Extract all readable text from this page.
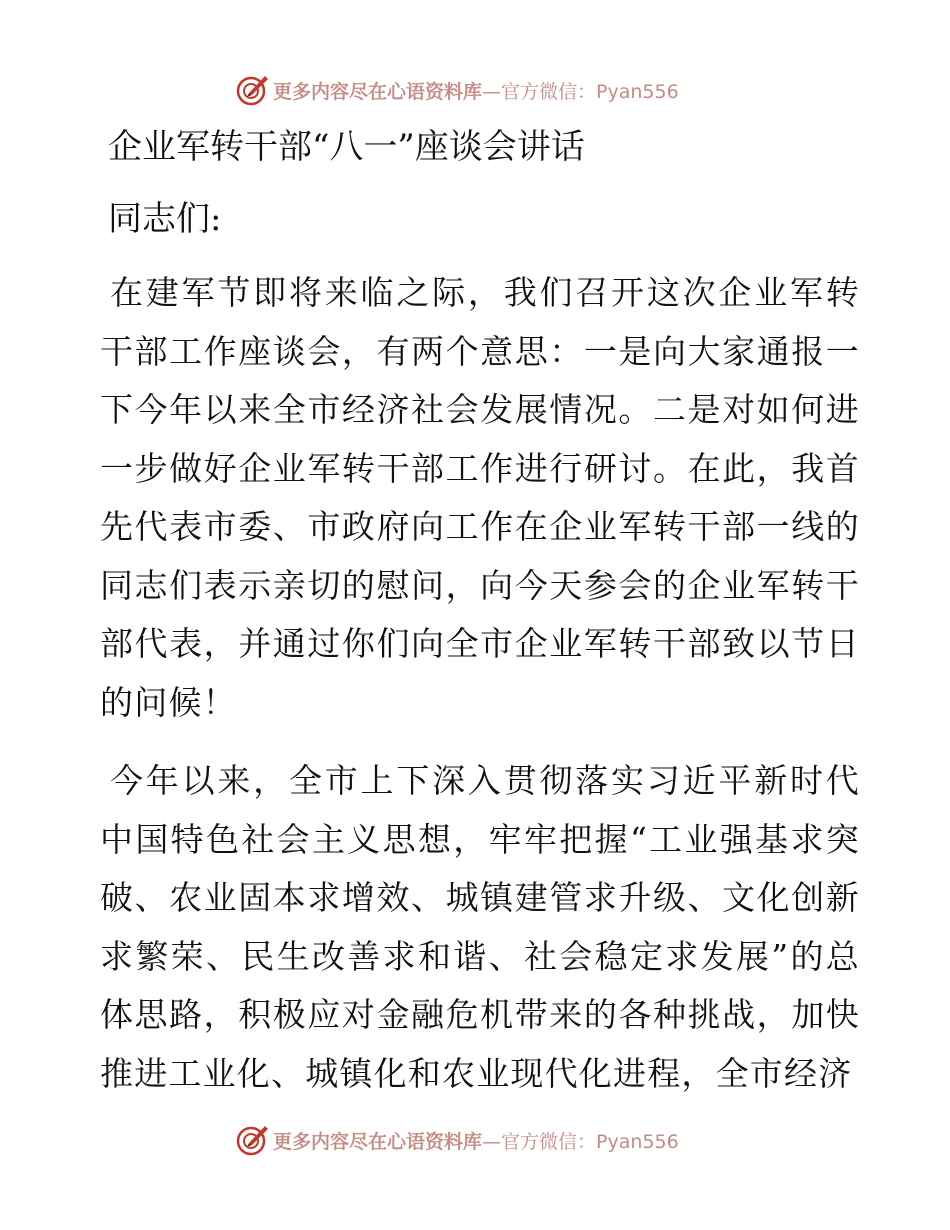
更多内容尽在心语资料库—官方微信：Pyan556

企业军转干部“八一”座谈会讲话

同志们:

在建军节即将来临之际，我们召开这次企业军转干部工作座谈会，有两个意思：一是向大家通报一下今年以来全市经济社会发展情况。二是对如何进一步做好企业军转干部工作进行研讨。在此，我首先代表市委、市政府向工作在企业军转干部一线的同志们表示亲切的慰问，向今天参会的企业军转干部代表，并通过你们向全市企业军转干部致以节日的问候！

今年以来，全市上下深入贯彻落实习近平新时代中国特色社会主义思想，牢牢把握“工业强基求突破、农业固本求增效、城镇建管求升级、文化创新求繁荣、民生改善求和谐、社会稳定求发展”的总体思路，积极应对金融危机带来的各种挑战，加快推进工业化、城镇化和农业现代化进程，全市经济

更多内容尽在心语资料库—官方微信：Pyan556
